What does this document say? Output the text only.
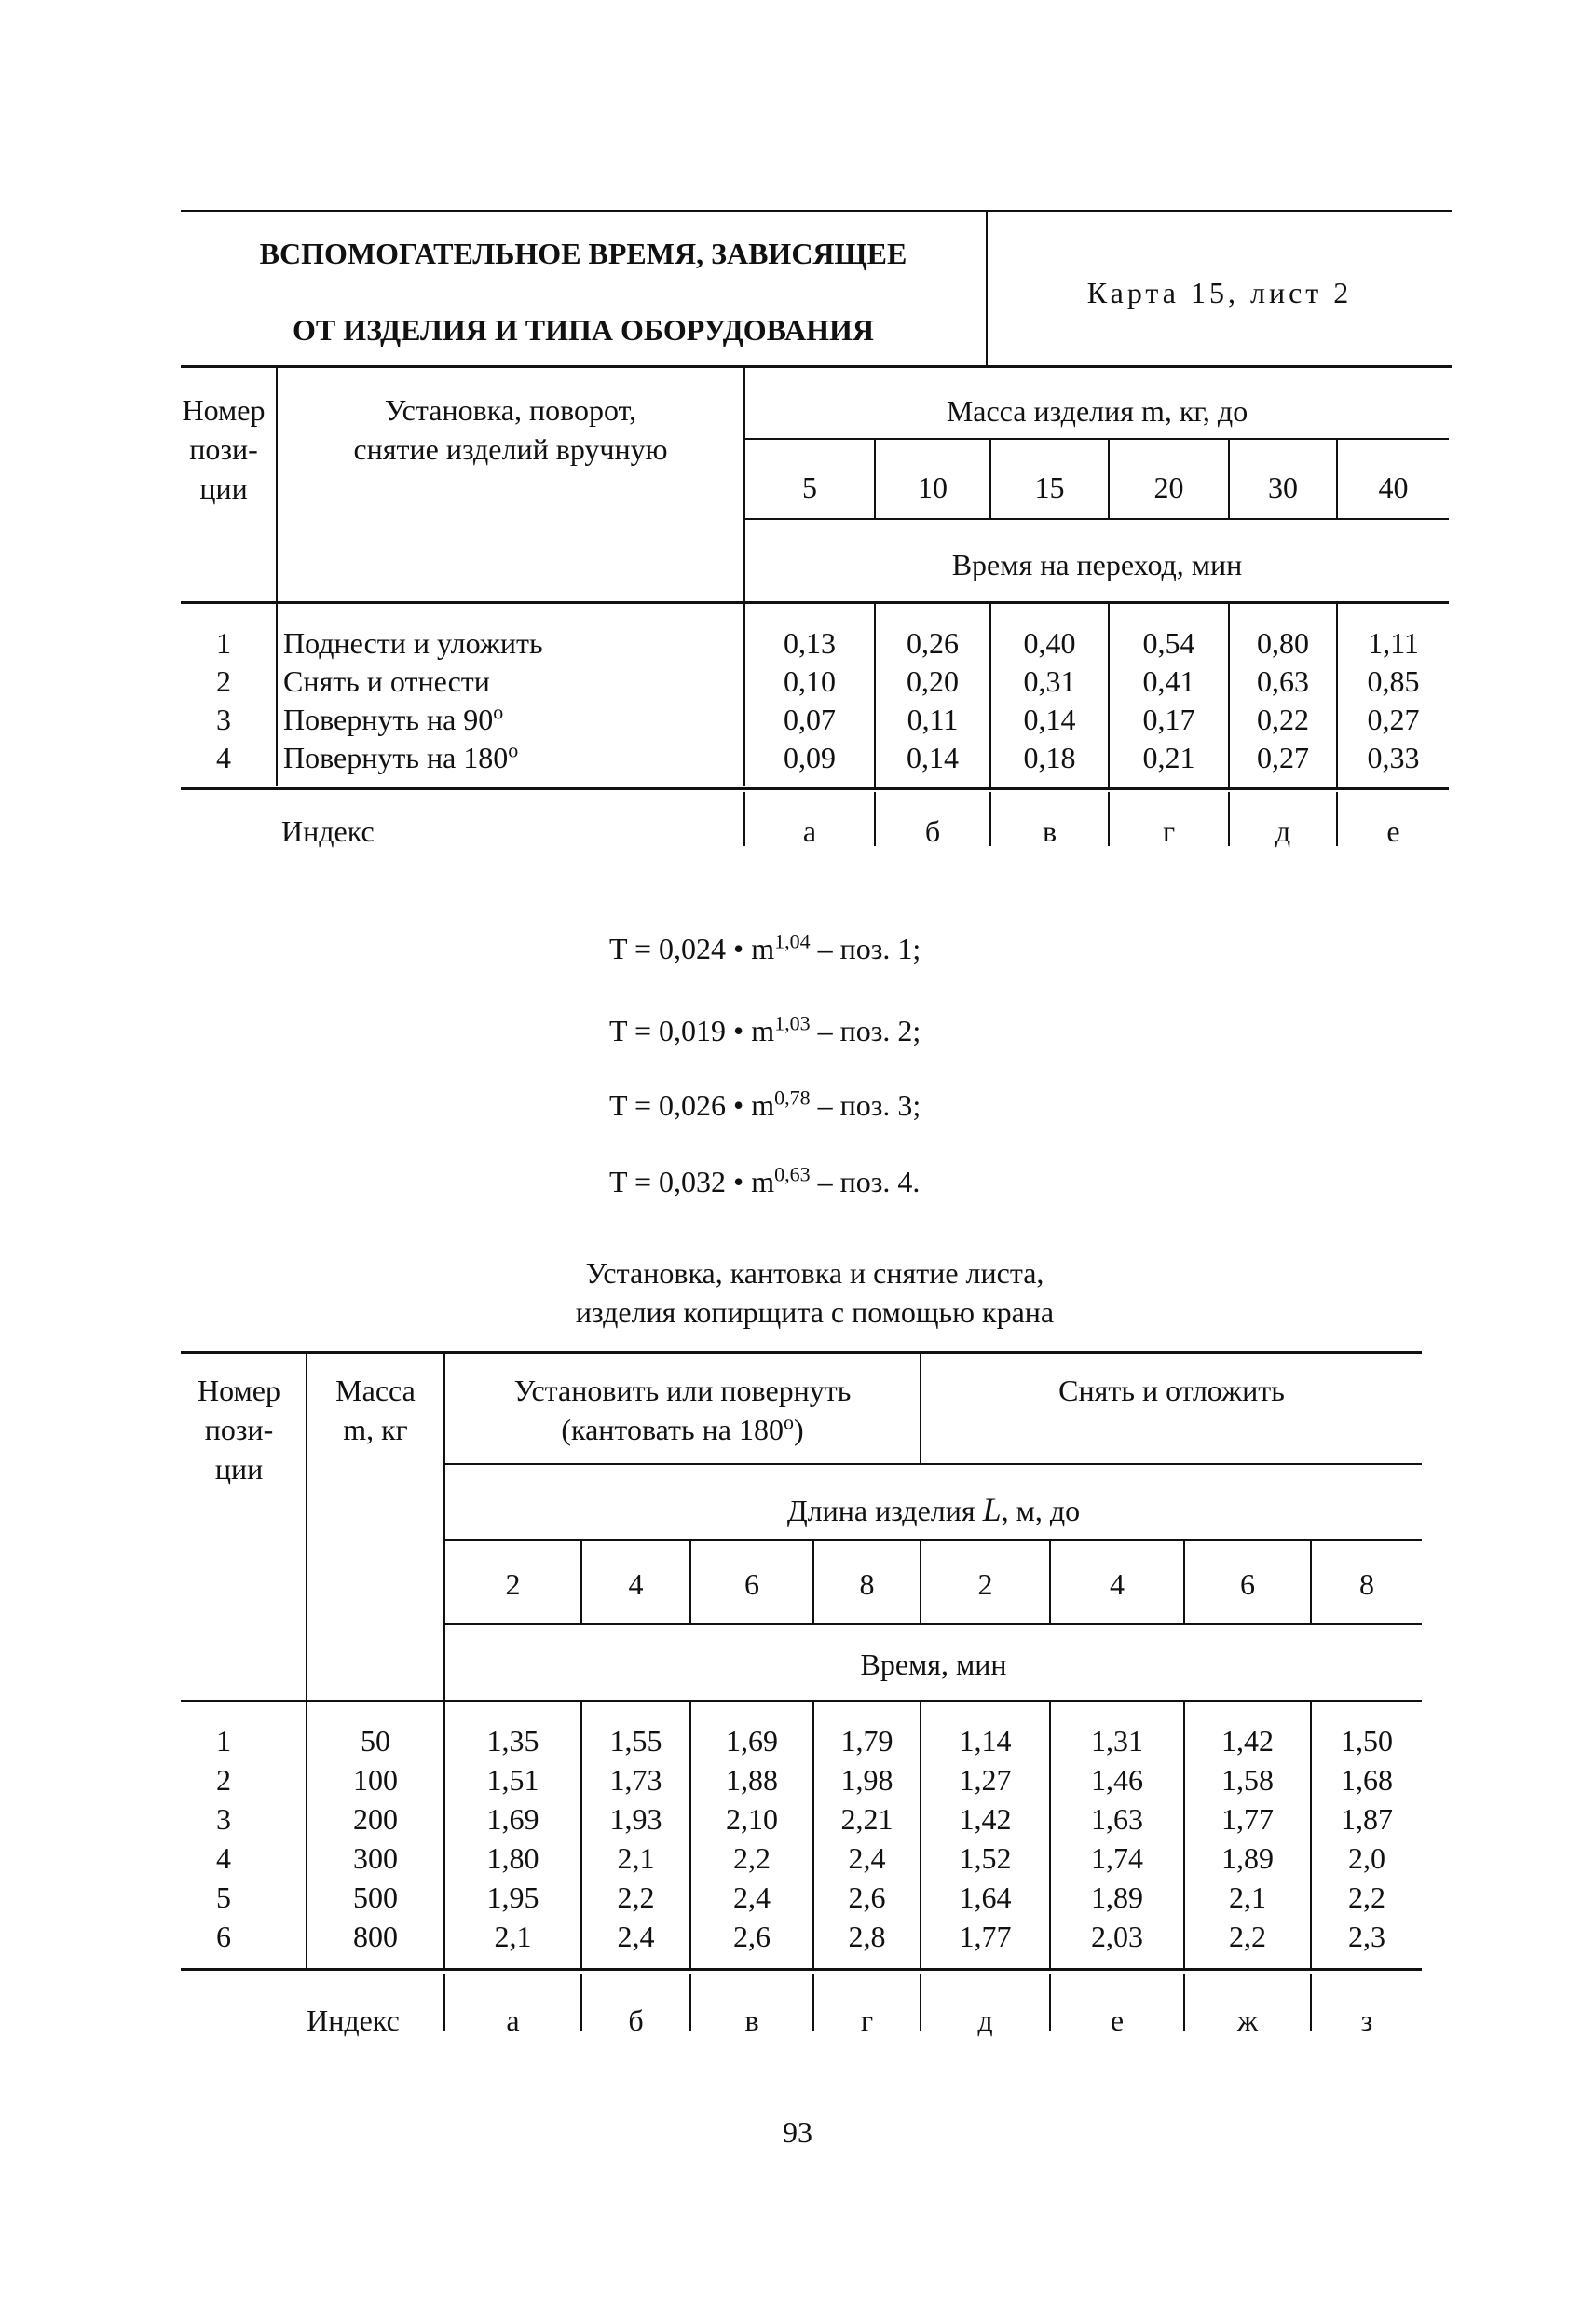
ВСПОМОГАТЕЛЬНОЕ ВРЕМЯ, ЗАВИСЯЩЕЕ
ОТ ИЗДЕЛИЯ И ТИПА ОБОРУДОВАНИЯ
Карта 15, лист 2
Номер
пози-
ции
Установка, поворот,
снятие изделий вручную
Масса изделия m, кг, до
5	10	15	20	30	40
Время на переход, мин
1	Поднести и уложить	0,13	0,26	0,40	0,54	0,80	1,11
2	Снять и отнести	0,10	0,20	0,31	0,41	0,63	0,85
3	Повернуть на $90^о$	0,07	0,11	0,14	0,17	0,22	0,27
4	Повернуть на $180^о$	0,09	0,14	0,18	0,21	0,27	0,33
Индекс	а	б	в	г	д	е
T = 0,024 • $m^{1,04}$ – поз. 1;
T = 0,019 • $m^{1,03}$ – поз. 2;
T = 0,026 • $m^{0,78}$ – поз. 3;
T = 0,032 • $m^{0,63}$ – поз. 4.
Установка, кантовка и снятие листа,
изделия копирщита с помощью крана
Номер
пози-
ции
Масса
m, кг
Установить или повернуть
(кантовать на $180^о$)
Снять и отложить
Длина изделия L, м, до
2	4	6	8	2	4	6	8
Время, мин
1	50	1,35	1,55	1,69	1,79	1,14	1,31	1,42	1,50
2	100	1,51	1,73	1,88	1,98	1,27	1,46	1,58	1,68
3	200	1,69	1,93	2,10	2,21	1,42	1,63	1,77	1,87
4	300	1,80	2,1	2,2	2,4	1,52	1,74	1,89	2,0
5	500	1,95	2,2	2,4	2,6	1,64	1,89	2,1	2,2
6	800	2,1	2,4	2,6	2,8	1,77	2,03	2,2	2,3
Индекс	а	б	в	г	д	е	ж	з
93
